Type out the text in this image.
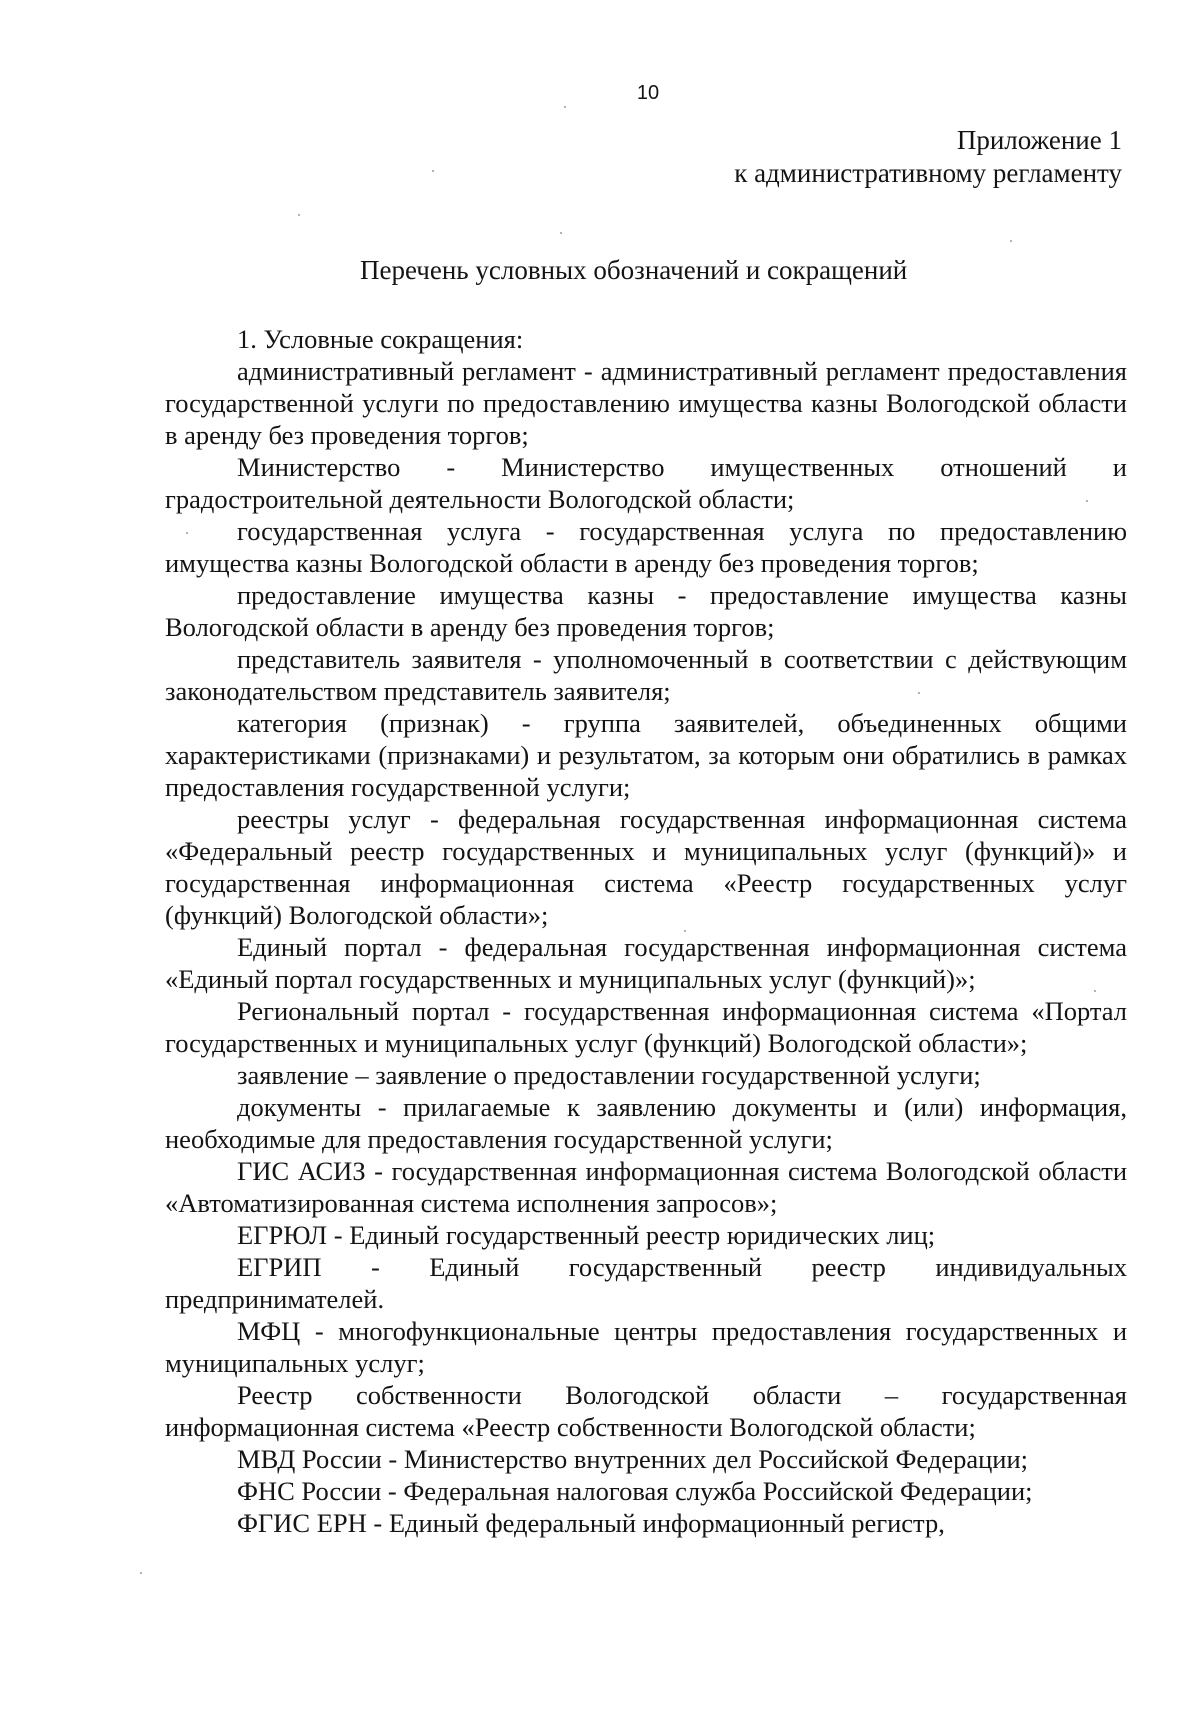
10
Приложение 1
к административному регламенту
Перечень условных обозначений и сокращений

1. Условные сокращения:

административный регламент - административный регламент предоставления государственной услуги по предоставлению имущества казны Вологодской области в аренду без проведения торгов;

Министерство - Министерство имущественных отношений и градостроительной деятельности Вологодской области;

государственная услуга - государственная услуга по предоставлению имущества казны Вологодской области в аренду без проведения торгов;

предоставление имущества казны - предоставление имущества казны Вологодской области в аренду без проведения торгов;

представитель заявителя - уполномоченный в соответствии с действующим законодательством представитель заявителя;

категория (признак) - группа заявителей, объединенных общими характеристиками (признаками) и результатом, за которым они обратились в рамках предоставления государственной услуги;

реестры услуг - федеральная государственная информационная система «Федеральный реестр государственных и муниципальных услуг (функций)» и государственная информационная система «Реестр государственных услуг (функций) Вологодской области»;

Единый портал - федеральная государственная информационная система «Единый портал государственных и муниципальных услуг (функций)»;

Региональный портал - государственная информационная система «Портал государственных и муниципальных услуг (функций) Вологодской области»;

заявление – заявление о предоставлении государственной услуги;

документы - прилагаемые к заявлению документы и (или) информация, необходимые для предоставления государственной услуги;

ГИС АСИЗ - государственная информационная система Вологодской области «Автоматизированная система исполнения запросов»;

ЕГРЮЛ - Единый государственный реестр юридических лиц;

ЕГРИП - Единый государственный реестр индивидуальных предпринимателей.

МФЦ - многофункциональные центры предоставления государственных и муниципальных услуг;

Реестр собственности Вологодской области – государственная информационная система «Реестр собственности Вологодской области;

МВД России - Министерство внутренних дел Российской Федерации;

ФНС России - Федеральная налоговая служба Российской Федерации;

ФГИС ЕРН - Единый федеральный информационный регистр,
